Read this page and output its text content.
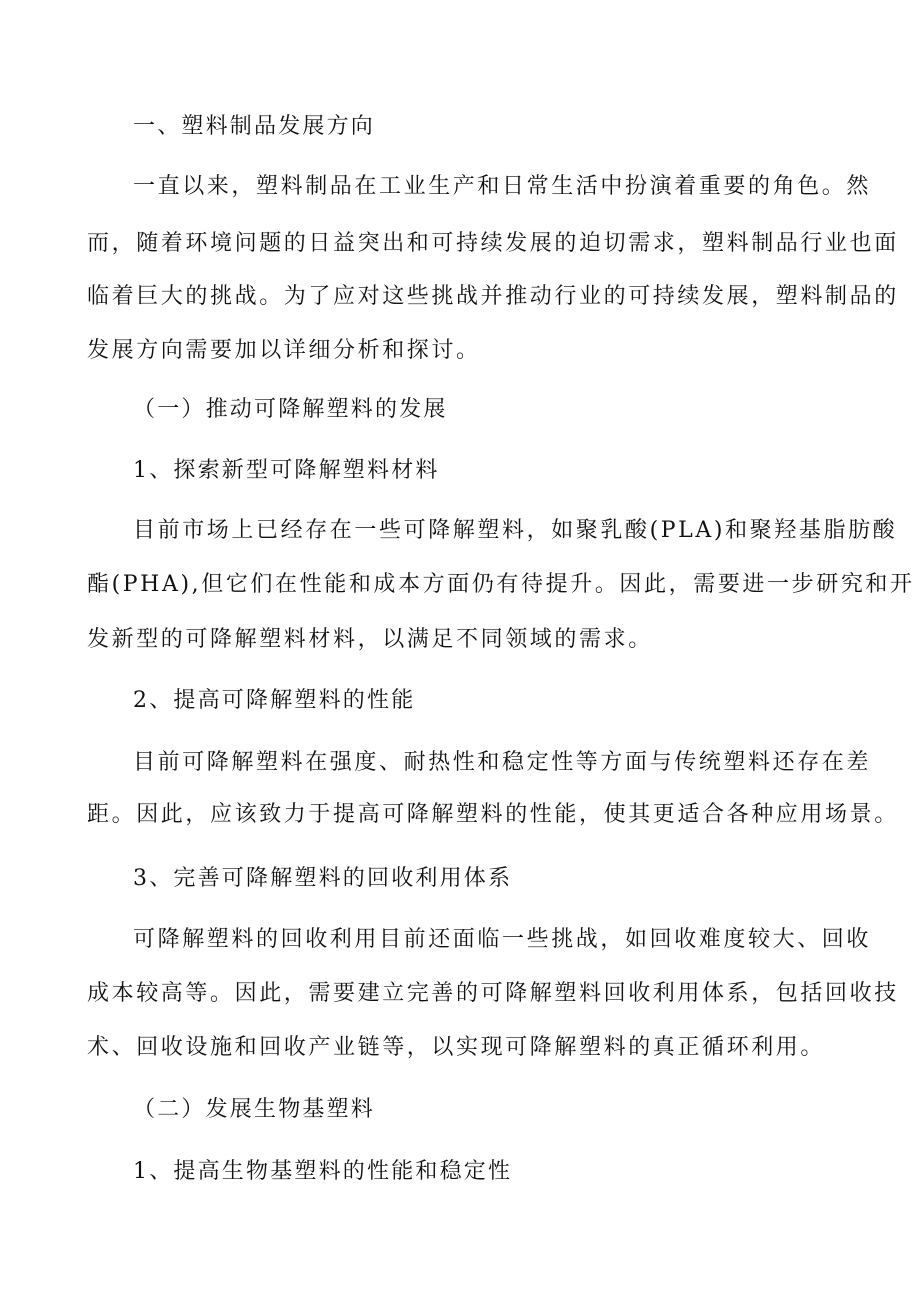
一、塑料制品发展方向
一直以来，塑料制品在工业生产和日常生活中扮演着重要的角色。然
而，随着环境问题的日益突出和可持续发展的迫切需求，塑料制品行业也面
临着巨大的挑战。为了应对这些挑战并推动行业的可持续发展，塑料制品的
发展方向需要加以详细分析和探讨。
（一）推动可降解塑料的发展
1、探索新型可降解塑料材料
目前市场上已经存在一些可降解塑料，如聚乳酸(PLA)和聚羟基脂肪酸
酯(PHA),但它们在性能和成本方面仍有待提升。因此，需要进一步研究和开
发新型的可降解塑料材料，以满足不同领域的需求。
2、提高可降解塑料的性能
目前可降解塑料在强度、耐热性和稳定性等方面与传统塑料还存在差
距。因此，应该致力于提高可降解塑料的性能，使其更适合各种应用场景。
3、完善可降解塑料的回收利用体系
可降解塑料的回收利用目前还面临一些挑战，如回收难度较大、回收
成本较高等。因此，需要建立完善的可降解塑料回收利用体系，包括回收技
术、回收设施和回收产业链等，以实现可降解塑料的真正循环利用。
（二）发展生物基塑料
1、提高生物基塑料的性能和稳定性
